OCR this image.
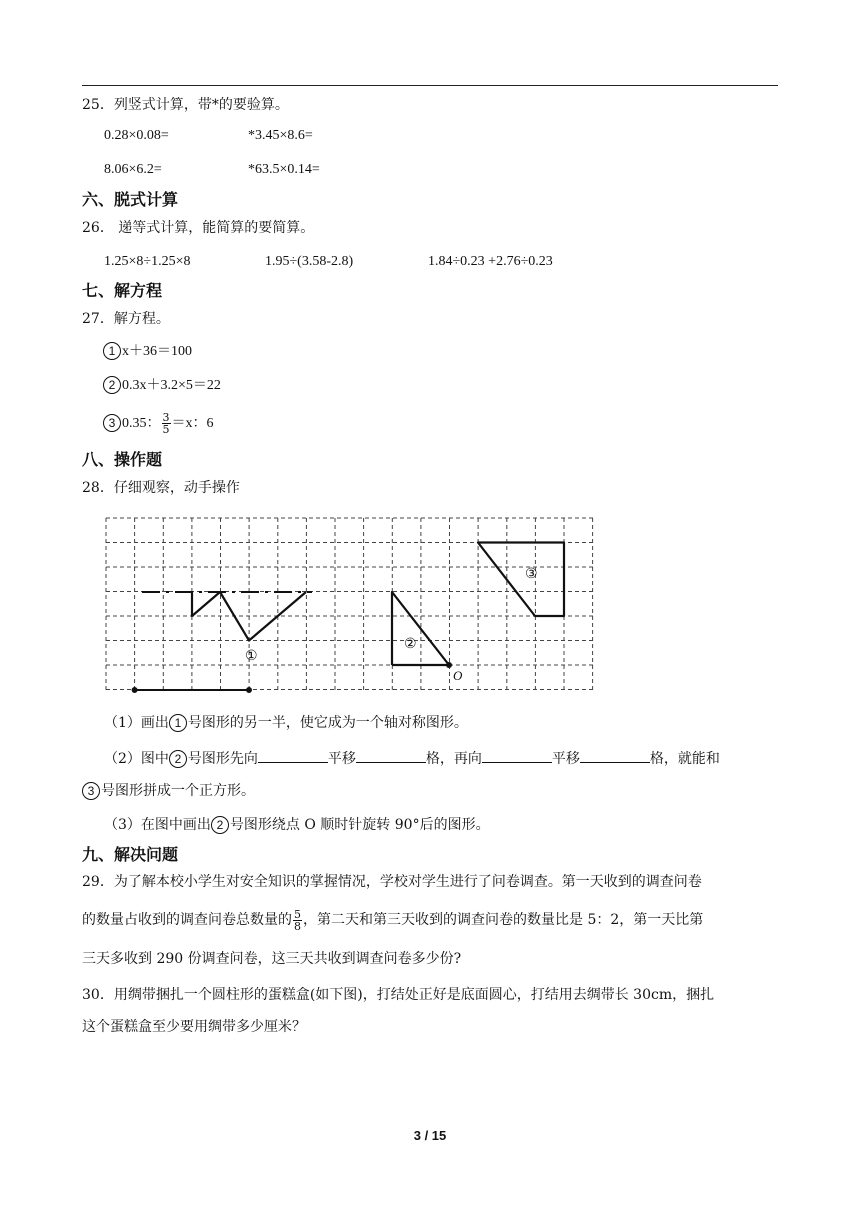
25．列竖式计算，带*的要验算。
0.28×0.08=	*3.45×8.6=
8.06×6.2=	*63.5×0.14=
六、脱式计算
26． 递等式计算，能简算的要简算。
1.25×8÷1.25×8	1.95÷(3.58-2.8)	1.84÷0.23 +2.76÷0.23
七、解方程
27．解方程。
1 x＋36＝100
2 0.3x＋3.2×5＝22
3 0.35： $\frac{3}{5} =x$：6
八、操作题
28．仔细观察，动手操作
①
②
③
O
（1）画出 1 号图形的另一半，使它成为一个轴对称图形。
（2）图中 2 号图形先向	平移	格，再向	平移	格，就能和
3 号图形拼成一个正方形。
（3）在图中画出 2 号图形绕点 O 顺时针旋转 90°后的图形。
九、解决问题
29．为了解本校小学生对安全知识的掌握情况，学校对学生进行了问卷调查。第一天收到的调查问卷
的数量占收到的调查问卷总数量的 $\frac{5}{8}$ ，第二天和第三天收到的调查问卷的数量比是 5：2，第一天比第
三天多收到 290 份调查问卷，这三天共收到调查问卷多少份?
30．用绸带捆扎一个圆柱形的蛋糕盒(如下图)，打结处正好是底面圆心，打结用去绸带长 30cm，捆扎
这个蛋糕盒至少要用绸带多少厘米？
3 / 15
